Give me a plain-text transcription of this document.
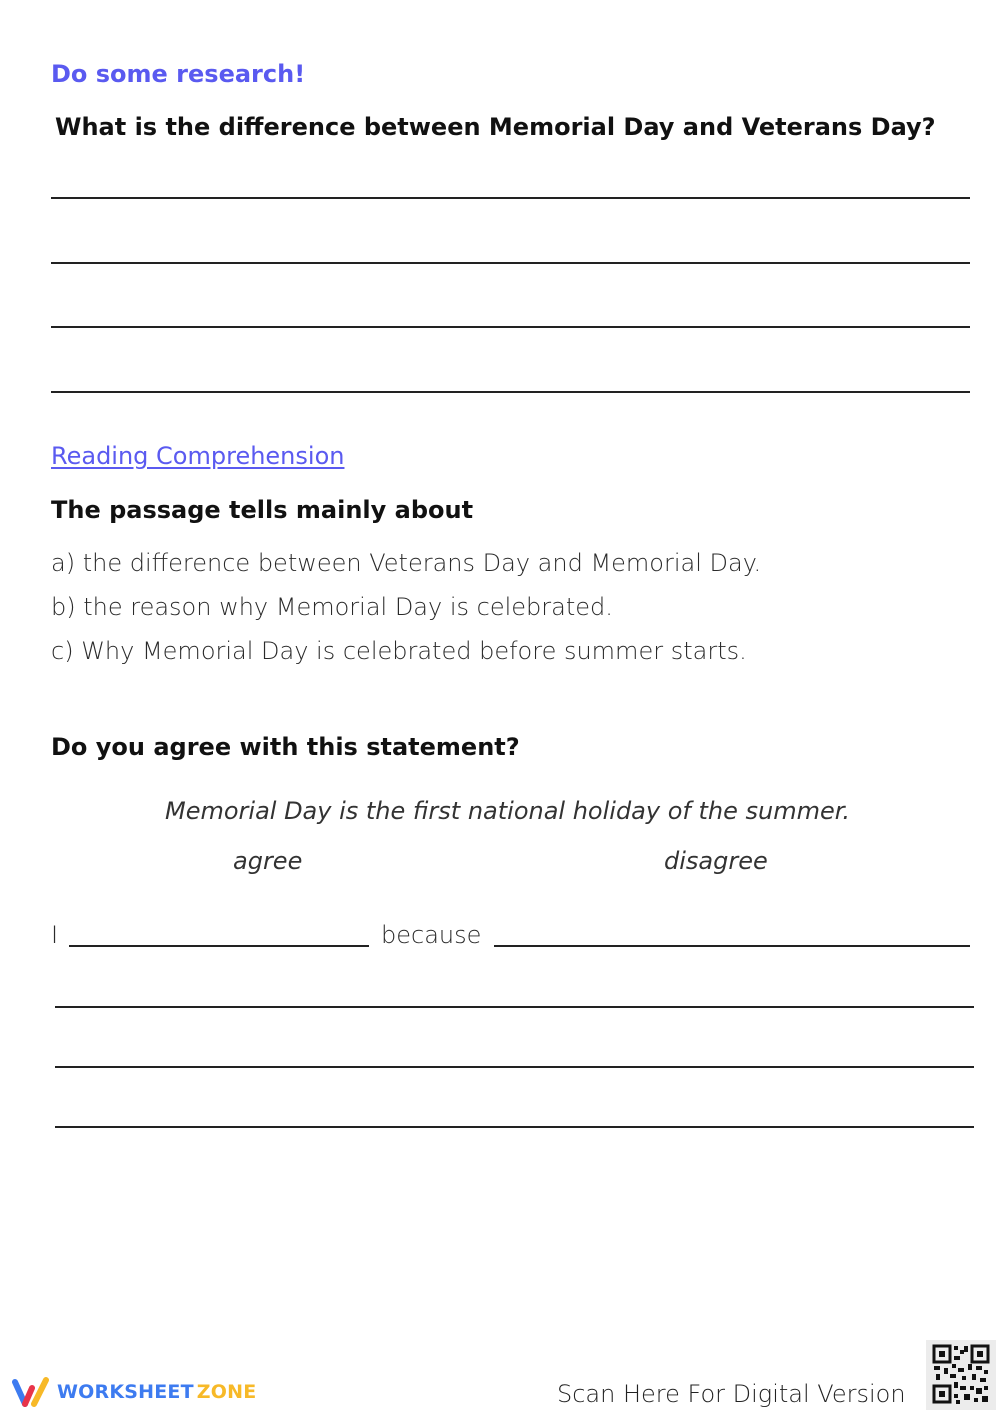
Do some research!
What is the difference between Memorial Day and Veterans Day?
Reading Comprehension
The passage tells mainly about
a) the difference between Veterans Day and Memorial Day.
b) the reason why Memorial Day is celebrated.
c) Why Memorial Day is celebrated before summer starts.
Do you agree with this statement?
Memorial Day is the first national holiday of the summer.
agree	disagree
I	because
WORKSHEET ZONE	Scan Here For Digital Version
